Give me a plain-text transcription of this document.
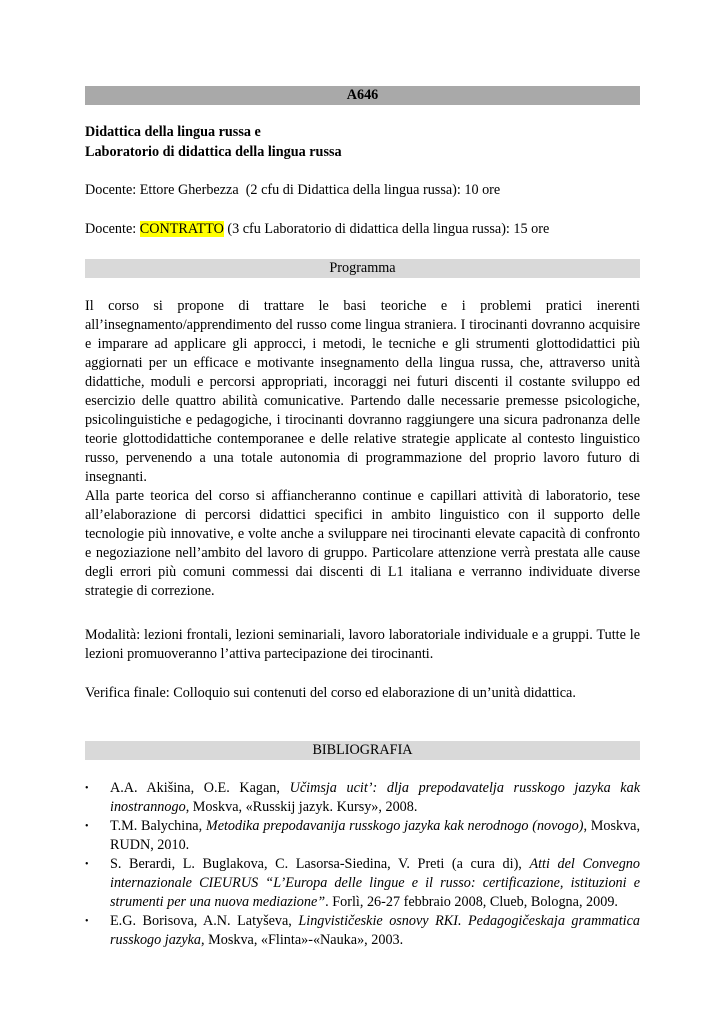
A646
Didattica della lingua russa e
Laboratorio di didattica della lingua russa
Docente: Ettore Gherbezza  (2 cfu di Didattica della lingua russa): 10 ore
Docente: CONTRATTO (3 cfu Laboratorio di didattica della lingua russa): 15 ore
Programma

Il corso si propone di trattare le basi teoriche e i problemi pratici inerenti all’insegnamento/apprendimento del russo come lingua straniera. I tirocinanti dovranno acquisire e imparare ad applicare gli approcci, i metodi, le tecniche e gli strumenti glottodidattici più aggiornati per un efficace e motivante insegnamento della lingua russa, che, attraverso unità didattiche, moduli e percorsi appropriati, incoraggi nei futuri discenti il costante sviluppo ed esercizio delle quattro abilità comunicative. Partendo dalle necessarie premesse psicologiche, psicolinguistiche e pedagogiche, i tirocinanti dovranno raggiungere una sicura padronanza delle teorie glottodidattiche contemporanee e delle relative strategie applicate al contesto linguistico russo, pervenendo a una totale autonomia di programmazione del proprio lavoro futuro di insegnanti.

Alla parte teorica del corso si affiancheranno continue e capillari attività di laboratorio, tese all’elaborazione di percorsi didattici specifici in ambito linguistico con il supporto delle tecnologie più innovative, e volte anche a sviluppare nei tirocinanti elevate capacità di confronto e negoziazione nell’ambito del lavoro di gruppo. Particolare attenzione verrà prestata alle cause degli errori più comuni commessi dai discenti di L1 italiana e verranno individuate diverse strategie di correzione.

Modalità: lezioni frontali, lezioni seminariali, lavoro laboratoriale individuale e a gruppi. Tutte le lezioni promuoveranno l’attiva partecipazione dei tirocinanti.

Verifica finale: Colloquio sui contenuti del corso ed elaborazione di un’unità didattica.
BIBLIOGRAFIA

• A.A. Akišina, O.E. Kagan, Učimsja ucit’: dlja prepodavatelja russkogo jazyka kak inostrannogo, Moskva, «Russkij jazyk. Kursy», 2008.

• T.M. Balychina, Metodika prepodavanija russkogo jazyka kak nerodnogo (novogo), Moskva, RUDN, 2010.

• S. Berardi, L. Buglakova, C. Lasorsa-Siedina, V. Preti (a cura di), Atti del Convegno internazionale CIEURUS “L’Europa delle lingue e il russo: certificazione, istituzioni e strumenti per una nuova mediazione”. Forlì, 26-27 febbraio 2008, Clueb, Bologna, 2009.

• E.G. Borisova, A.N. Latyševa, Lingvističeskie osnovy RKI. Pedagogičeskaja grammatica russkogo jazyka, Moskva, «Flinta»-«Nauka», 2003.
